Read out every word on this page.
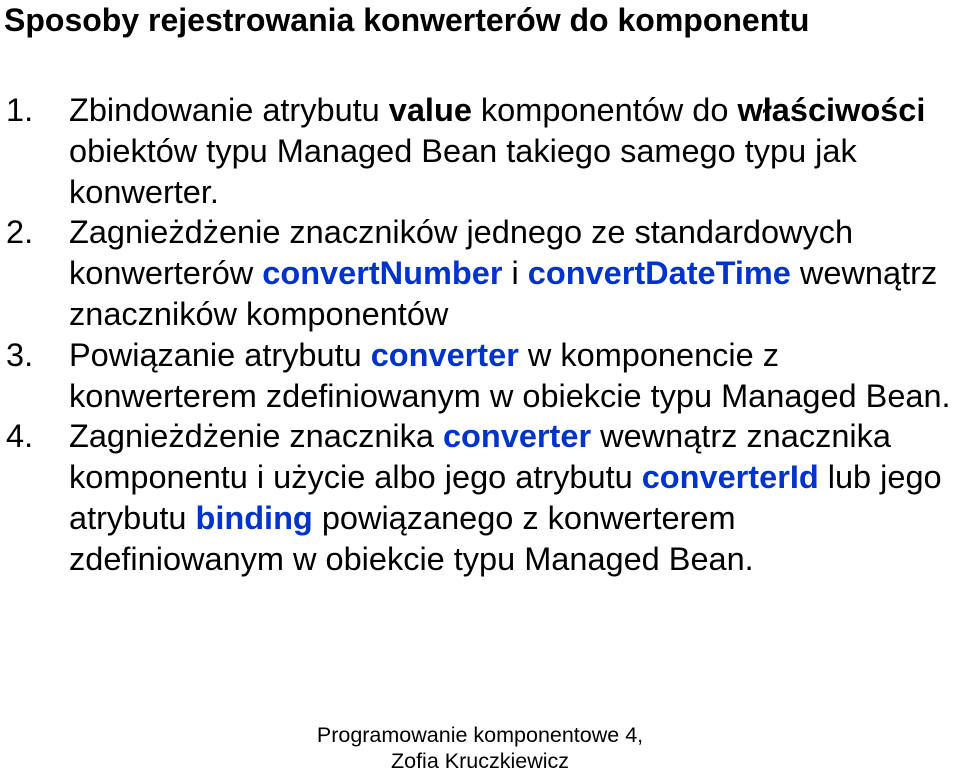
Sposoby rejestrowania konwerterów do komponentu
1. Zbindowanie atrybutu value komponentów do właściwości obiektów typu Managed Bean takiego samego typu jak konwerter.
2. Zagnieżdżenie znaczników jednego ze standardowych konwerterów convertNumber i convertDateTime wewnątrz znaczników komponentów
3. Powiązanie atrybutu converter w komponencie z konwerterem zdefiniowanym w obiekcie typu Managed Bean.
4. Zagnieżdżenie znacznika converter wewnątrz znacznika komponentu i użycie albo jego atrybutu converterId lub jego atrybutu binding powiązanego z konwerterem zdefiniowanym w obiekcie typu Managed Bean.
Programowanie komponentowe 4,
Zofia Kruczkiewicz
